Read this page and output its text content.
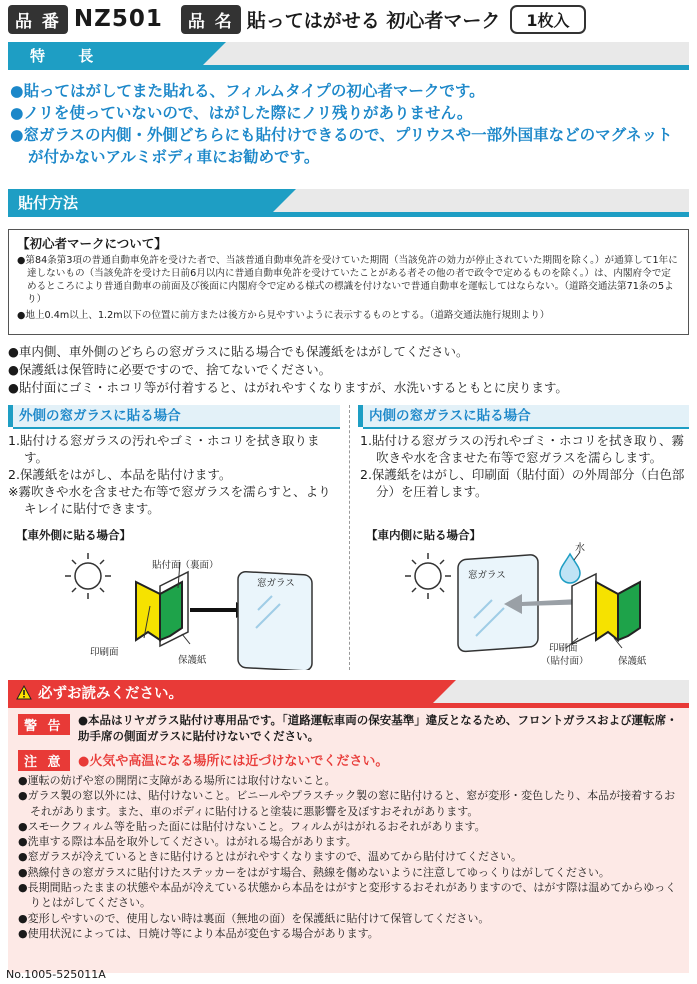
品 番 NZ501	品 名 貼ってはがせる 初心者マーク	1枚入
特 長

●貼ってはがしてまた貼れる、フィルムタイプの初心者マークです。

●ノリを使っていないので、はがした際にノリ残りがありません。

●窓ガラスの内側・外側どちらにも貼付けできるので、プリウスや一部外国車などのマグネットが付かないアルミボディ車にお勧めです。

貼付方法
【初心者マークについて】

●第84条第3項の普通自動車免許を受けた者で、当該普通自動車免許を受けていた期間（当該免許の効力が停止されていた期間を除く。）が通算して1年に達しないもの（当該免許を受けた日前6月以内に普通自動車免許を受けていたことがある者その他の者で政令で定めるものを除く。）は、内閣府令で定めるところにより普通自動車の前面及び後面に内閣府令で定める様式の標識を付けないで普通自動車を運転してはならない。（道路交通法第71条の5より）

●地上0.4m以上、1.2m以下の位置に前方または後方から見やすいように表示するものとする。（道路交通法施行規則より）

●車内側、車外側のどちらの窓ガラスに貼る場合でも保護紙をはがしてください。

●保護紙は保管時に必要ですので、捨てないでください。

●貼付面にゴミ・ホコリ等が付着すると、はがれやすくなりますが、水洗いするともとに戻ります。

外側の窓ガラスに貼る場合

1.貼付ける窓ガラスの汚れやゴミ・ホコリを拭き取ります。

2.保護紙をはがし、本品を貼付けます。

※霧吹きや水を含ませた布等で窓ガラスを濡らすと、よりキレイに貼付できます。

【車外側に貼る場合】
内側の窓ガラスに貼る場合

1.貼付ける窓ガラスの汚れやゴミ・ホコリを拭き取り、霧吹きや水を含ませた布等で窓ガラスを濡らします。

2.保護紙をはがし、印刷面（貼付面）の外周部分（白色部分）を圧着します。

【車内側に貼る場合】
貼付面（裏面）
窓ガラス
印刷面
保護紙
水
窓ガラス
印刷面
（貼付面）	保護紙
必ずお読みください。
警 告	●本品はリヤガラス貼付け専用品です。「道路運転車両の保安基準」違反となるため、フロントガラスおよび運転席・助手席の側面ガラスに貼付けないでください。
注 意	●火気や高温になる場所には近づけないでください。

●運転の妨げや窓の開閉に支障がある場所には取付けないこと。

●ガラス製の窓以外には、貼付けないこと。ビニールやプラスチック製の窓に貼付けると、窓が変形・変色したり、本品が接着するおそれがあります。また、車のボディに貼付けると塗装に悪影響を及ぼすおそれがあります。

●スモークフィルム等を貼った面には貼付けないこと。フィルムがはがれるおそれがあります。

●洗車する際は本品を取外してください。はがれる場合があります。

●窓ガラスが冷えているときに貼付けるとはがれやすくなりますので、温めてから貼付けてください。

●熱線付きの窓ガラスに貼付けたステッカーをはがす場合、熱線を傷めないように注意してゆっくりはがしてください。

●長期間貼ったままの状態や本品が冷えている状態から本品をはがすと変形するおそれがありますので、はがす際は温めてからゆっくりとはがしてください。

●変形しやすいので、使用しない時は裏面（無地の面）を保護紙に貼付けて保管してください。

●使用状況によっては、日焼け等により本品が変色する場合があります。

No.1005-525011A
